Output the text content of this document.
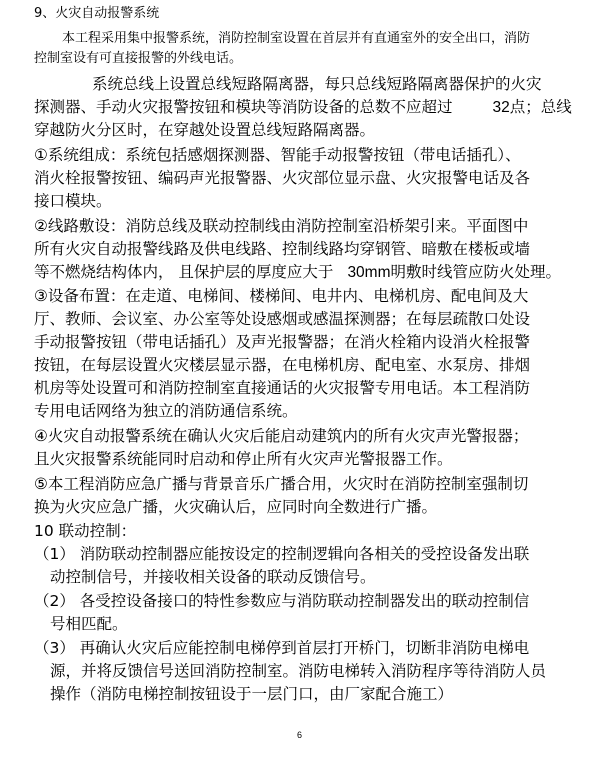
9、火灾自动报警系统
本工程采用集中报警系统，消防控制室设置在首层并有直通室外的安全出口，消防
控制室设有可直接报警的外线电话。
系统总线上设置总线短路隔离器，每只总线短路隔离器保护的火灾
探测器、手动火灾报警按钮和模块等消防设备的总数不应超过	32点；总线
穿越防火分区时，在穿越处设置总线短路隔离器。
①系统组成：系统包括感烟探测器、智能手动报警按钮（带电话插孔）、
消火栓报警按钮、编码声光报警器、火灾部位显示盘、火灾报警电话及各
接口模块。
②线路敷设：消防总线及联动控制线由消防控制室沿桥架引来。平面图中
所有火灾自动报警线路及供电线路、控制线路均穿钢管、暗敷在楼板或墙
等不燃烧结构体内， 且保护层的厚度应大于 30mm明敷时线管应防火处理。
③设备布置：在走道、电梯间、楼梯间、电井内、电梯机房、配电间及大
厅、教师、会议室、办公室等处设感烟或感温探测器；在每层疏散口处设
手动报警按钮（带电话插孔）及声光报警器；在消火栓箱内设消火栓报警
按钮，在每层设置火灾楼层显示器，在电梯机房、配电室、水泵房、排烟
机房等处设置可和消防控制室直接通话的火灾报警专用电话。本工程消防
专用电话网络为独立的消防通信系统。
④火灾自动报警系统在确认火灾后能启动建筑内的所有火灾声光警报器；
且火灾报警系统能同时启动和停止所有火灾声光警报器工作。
⑤本工程消防应急广播与背景音乐广播合用，火灾时在消防控制室强制切
换为火灾应急广播，火灾确认后，应同时向全数进行广播。
10 联动控制：
（1） 消防联动控制器应能按设定的控制逻辑向各相关的受控设备发出联
动控制信号，并接收相关设备的联动反馈信号。
（2） 各受控设备接口的特性参数应与消防联动控制器发出的联动控制信
号相匹配。
（3） 再确认火灾后应能控制电梯停到首层打开桥门，切断非消防电梯电
源，并将反馈信号送回消防控制室。消防电梯转入消防程序等待消防人员
操作（消防电梯控制按钮设于一层门口，由厂家配合施工）
6
